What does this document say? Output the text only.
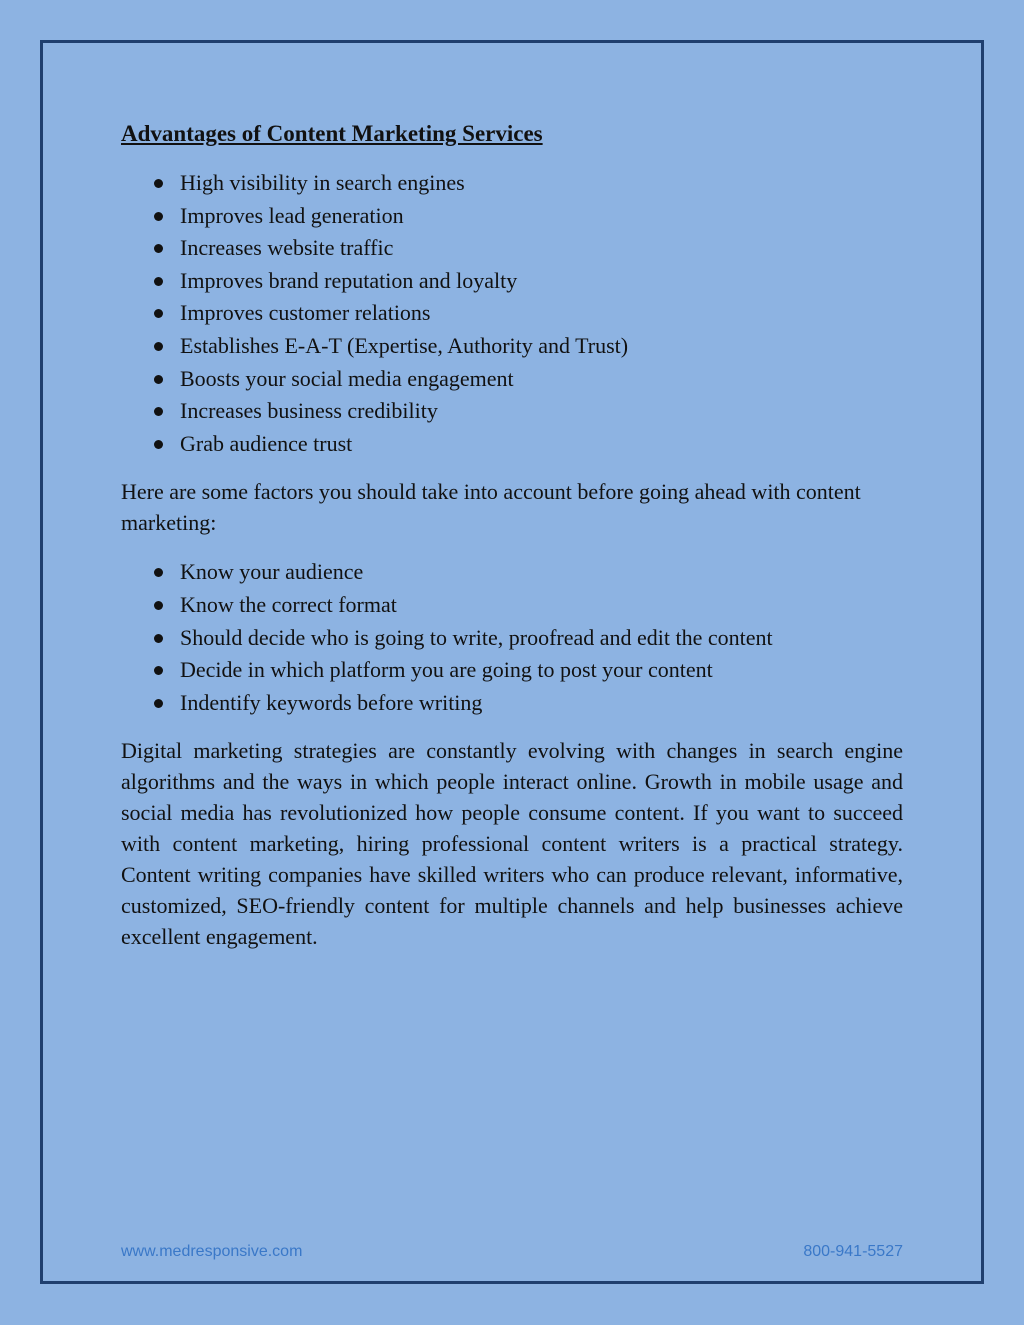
Advantages of Content Marketing Services
High visibility in search engines
Improves lead generation
Increases website traffic
Improves brand reputation and loyalty
Improves customer relations
Establishes E-A-T (Expertise, Authority and Trust)
Boosts your social media engagement
Increases business credibility
Grab audience trust

Here are some factors you should take into account before going ahead with content marketing:

Know your audience
Know the correct format
Should decide who is going to write, proofread and edit the content
Decide in which platform you are going to post your content
Indentify keywords before writing

Digital marketing strategies are constantly evolving with changes in search engine algorithms and the ways in which people interact online. Growth in mobile usage and social media has revolutionized how people consume content. If you want to succeed with content marketing, hiring professional content writers is a practical strategy. Content writing companies have skilled writers who can produce relevant, informative, customized, SEO-friendly content for multiple channels and help businesses achieve excellent engagement.

www.medresponsive.com	800-941-5527
